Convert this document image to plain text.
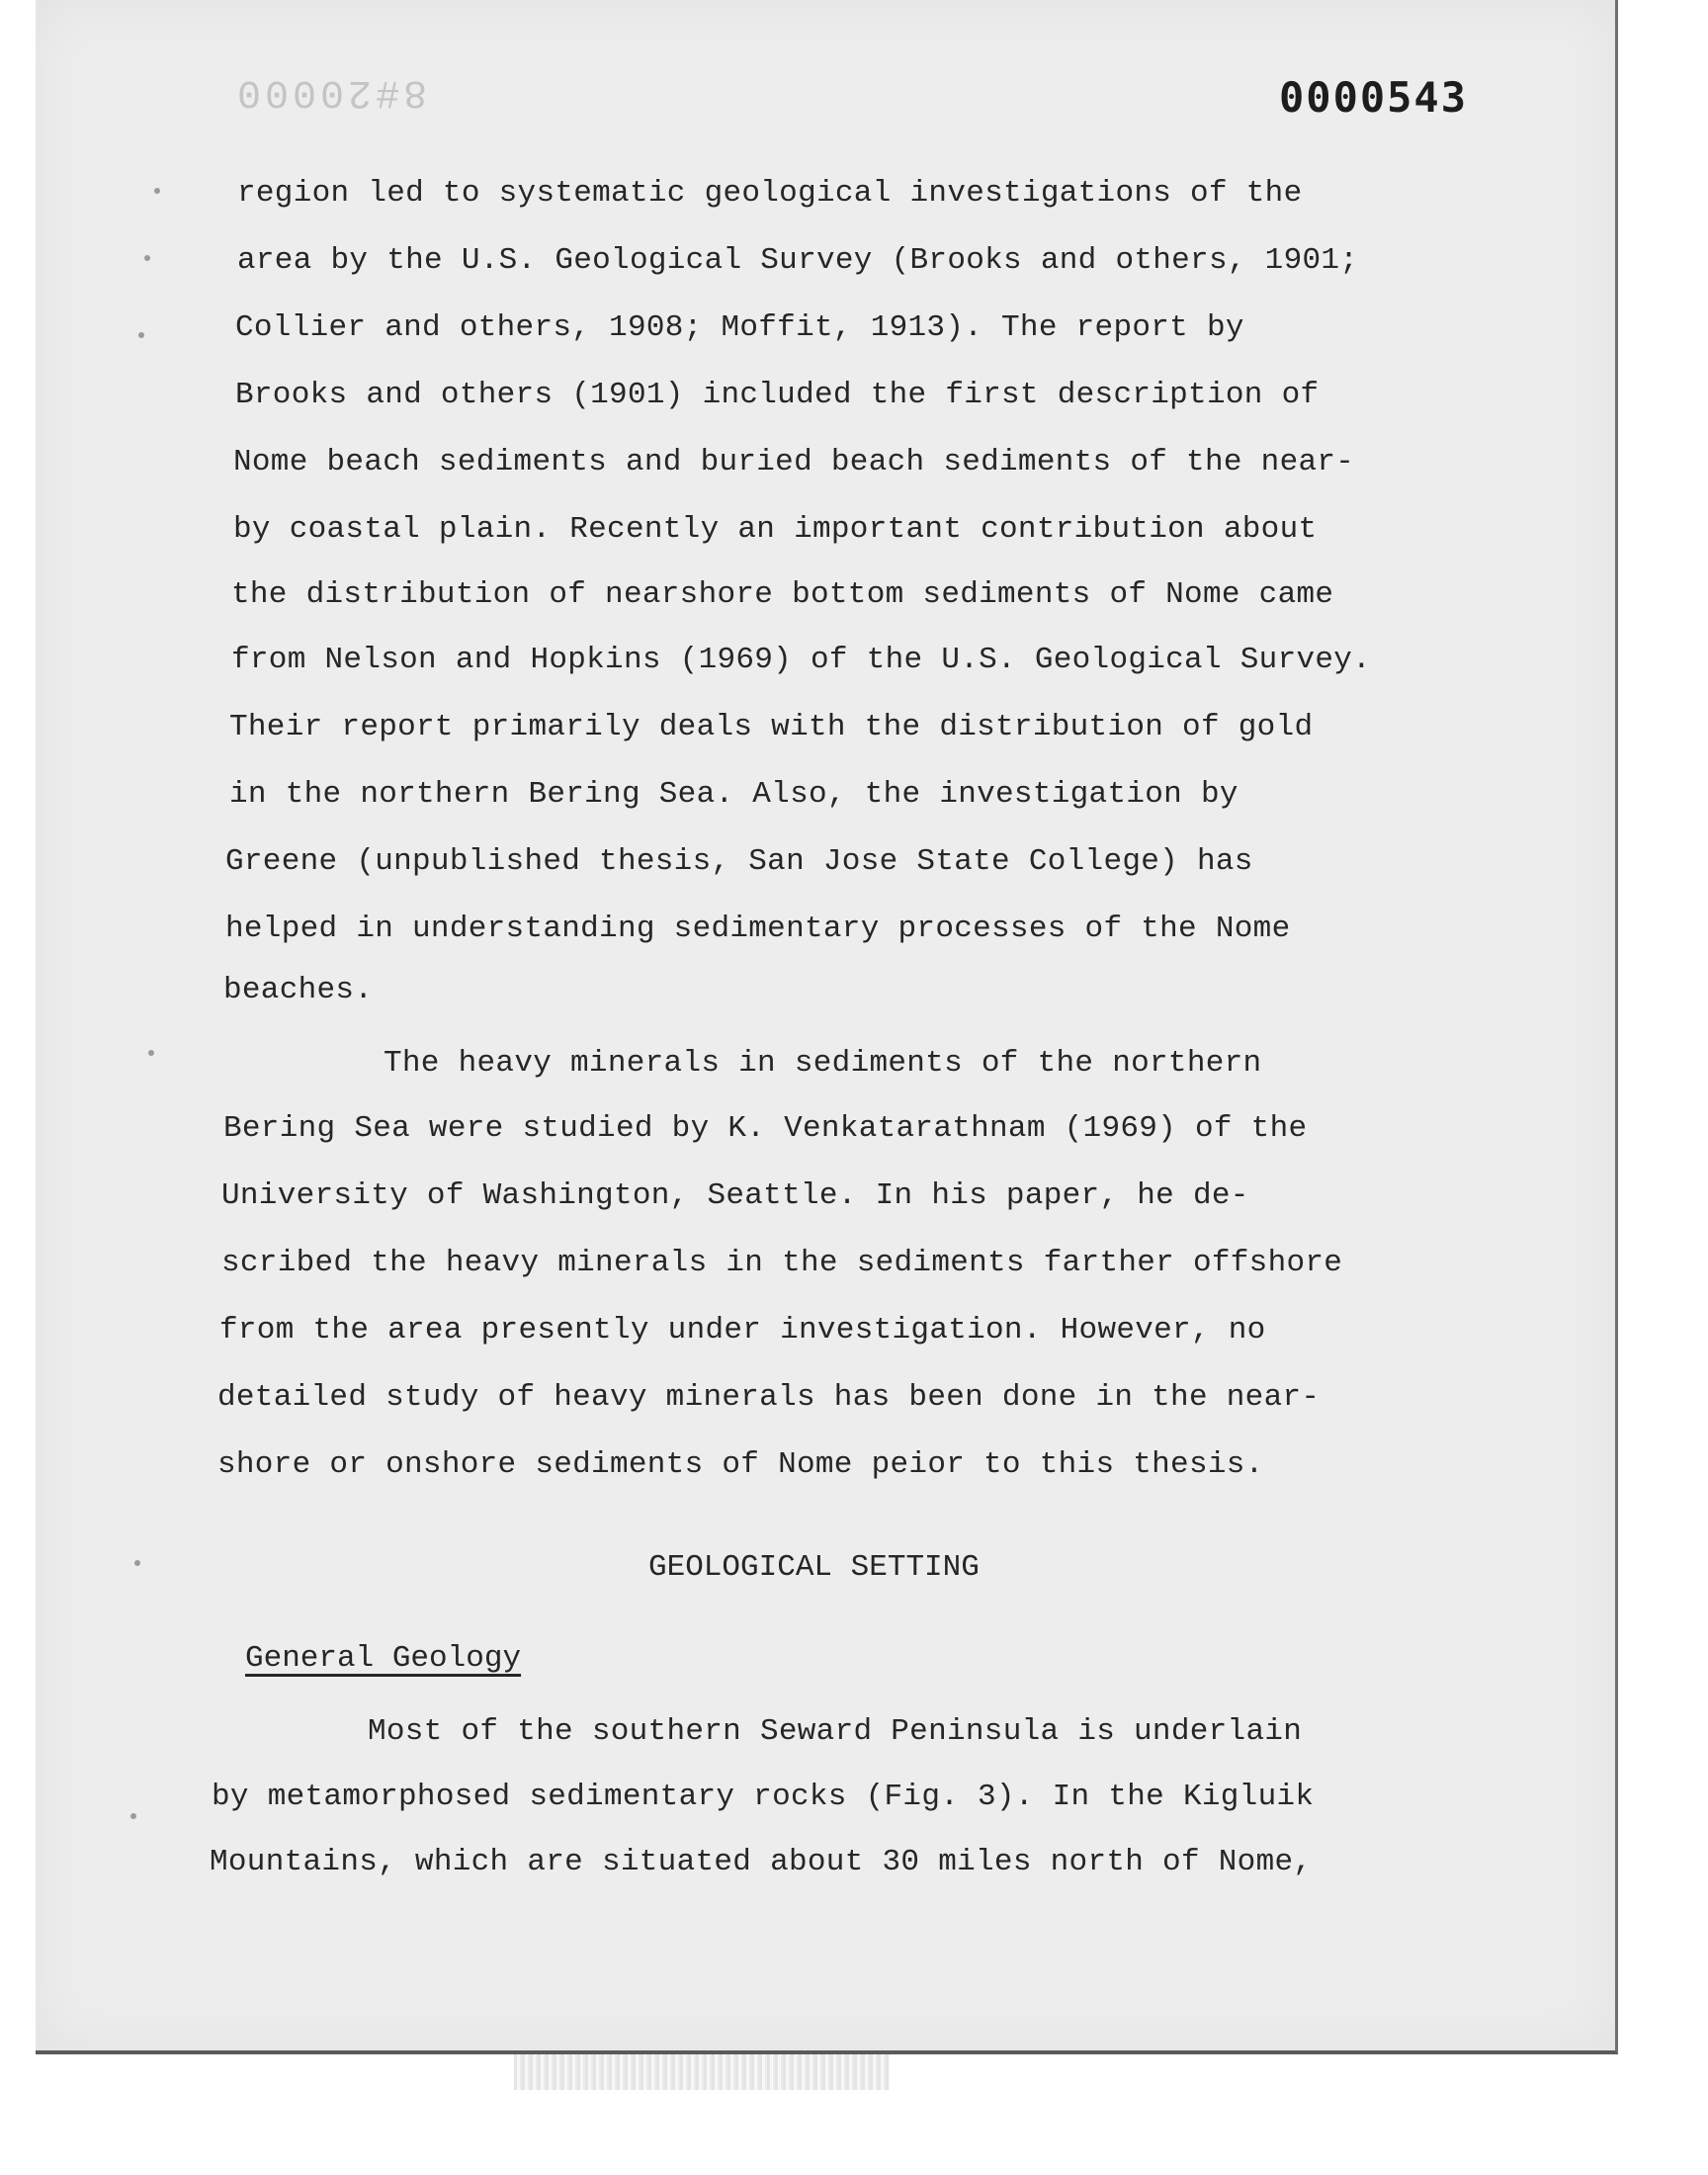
8#20000	0000543
region led to systematic geological investigations of the
area by the U.S. Geological Survey (Brooks and others, 1901;
Collier and others, 1908; Moffit, 1913). The report by
Brooks and others (1901) included the first description of
Nome beach sediments and buried beach sediments of the near-
by coastal plain. Recently an important contribution about
the distribution of nearshore bottom sediments of Nome came
from Nelson and Hopkins (1969) of the U.S. Geological Survey.
Their report primarily deals with the distribution of gold
in the northern Bering Sea. Also, the investigation by
Greene (unpublished thesis, San Jose State College) has
helped in understanding sedimentary processes of the Nome
beaches.
The heavy minerals in sediments of the northern
Bering Sea were studied by K. Venkatarathnam (1969) of the
University of Washington, Seattle. In his paper, he de-
scribed the heavy minerals in the sediments farther offshore
from the area presently under investigation. However, no
detailed study of heavy minerals has been done in the near-
shore or onshore sediments of Nome peior to this thesis.
GEOLOGICAL SETTING
General Geology
Most of the southern Seward Peninsula is underlain
by metamorphosed sedimentary rocks (Fig. 3). In the Kigluik
Mountains, which are situated about 30 miles north of Nome,
